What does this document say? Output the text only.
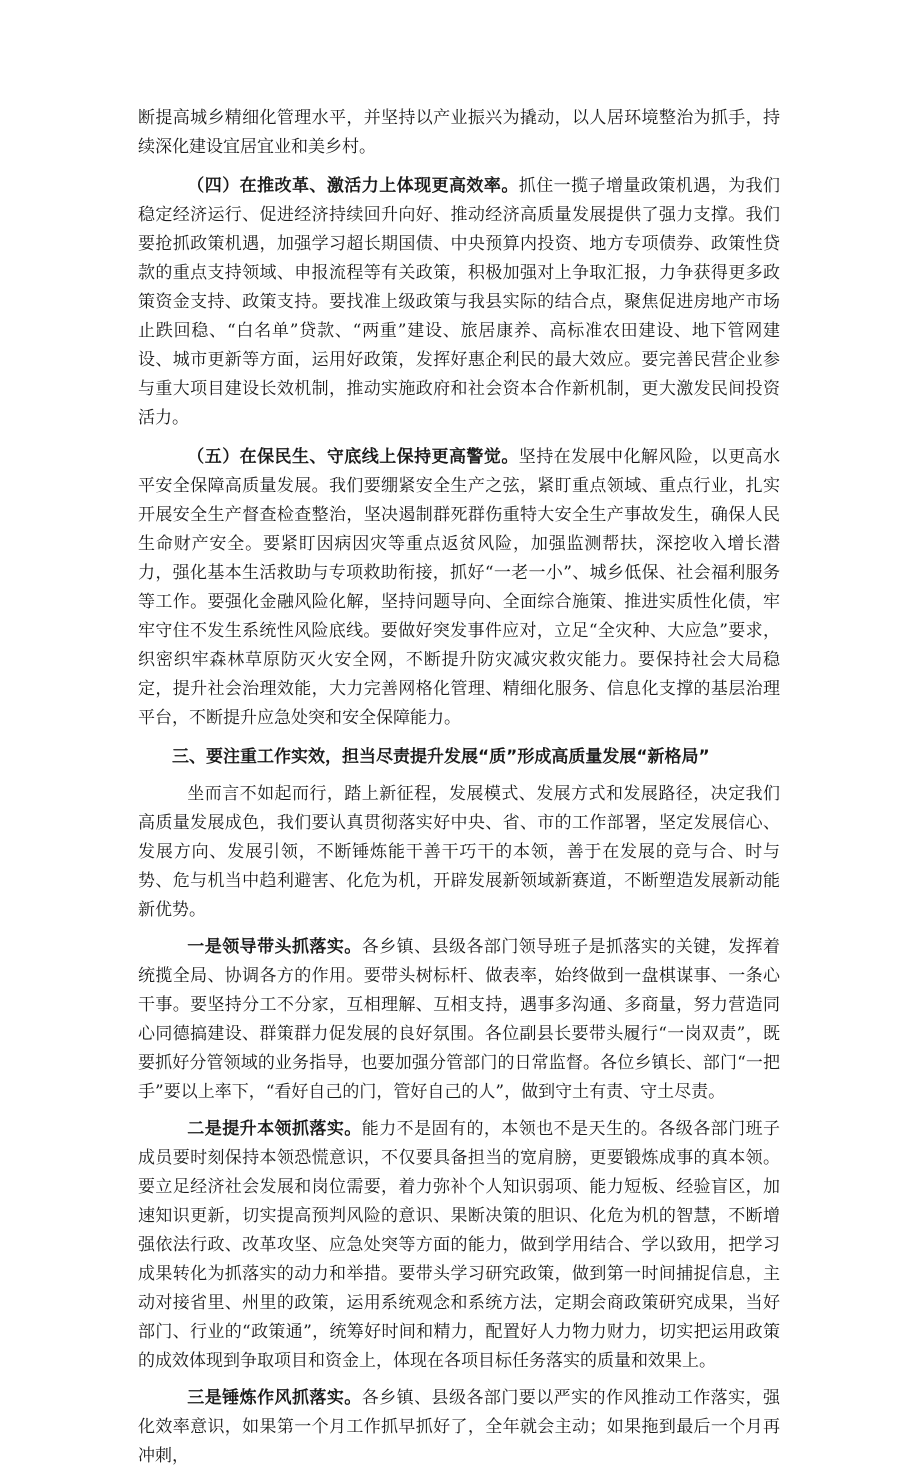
断提高城乡精细化管理水平，并坚持以产业振兴为撬动，以人居环境整治为抓手，持续深化建设宜居宜业和美乡村。

（四）在推改革、激活力上体现更高效率。抓住一揽子增量政策机遇，为我们稳定经济运行、促进经济持续回升向好、推动经济高质量发展提供了强力支撑。我们要抢抓政策机遇，加强学习超长期国债、中央预算内投资、地方专项债券、政策性贷款的重点支持领域、申报流程等有关政策，积极加强对上争取汇报，力争获得更多政策资金支持、政策支持。要找准上级政策与我县实际的结合点，聚焦促进房地产市场止跌回稳、“白名单”贷款、“两重”建设、旅居康养、高标准农田建设、地下管网建设、城市更新等方面，运用好政策，发挥好惠企利民的最大效应。要完善民营企业参与重大项目建设长效机制，推动实施政府和社会资本合作新机制，更大激发民间投资活力。

（五）在保民生、守底线上保持更高警觉。坚持在发展中化解风险，以更高水平安全保障高质量发展。我们要绷紧安全生产之弦，紧盯重点领域、重点行业，扎实开展安全生产督查检查整治，坚决遏制群死群伤重特大安全生产事故发生，确保人民生命财产安全。要紧盯因病因灾等重点返贫风险，加强监测帮扶，深挖收入增长潜力，强化基本生活救助与专项救助衔接，抓好“一老一小”、城乡低保、社会福利服务等工作。要强化金融风险化解，坚持问题导向、全面综合施策、推进实质性化债，牢牢守住不发生系统性风险底线。要做好突发事件应对，立足“全灾种、大应急”要求，织密织牢森林草原防灭火安全网，不断提升防灾减灾救灾能力。要保持社会大局稳定，提升社会治理效能，大力完善网格化管理、精细化服务、信息化支撑的基层治理平台，不断提升应急处突和安全保障能力。

三、要注重工作实效，担当尽责提升发展“质”形成高质量发展“新格局”

坐而言不如起而行，踏上新征程，发展模式、发展方式和发展路径，决定我们高质量发展成色，我们要认真贯彻落实好中央、省、市的工作部署，坚定发展信心、发展方向、发展引领，不断锤炼能干善干巧干的本领，善于在发展的竞与合、时与势、危与机当中趋利避害、化危为机，开辟发展新领域新赛道，不断塑造发展新动能新优势。

一是领导带头抓落实。各乡镇、县级各部门领导班子是抓落实的关键，发挥着统揽全局、协调各方的作用。要带头树标杆、做表率，始终做到一盘棋谋事、一条心干事。要坚持分工不分家，互相理解、互相支持，遇事多沟通、多商量，努力营造同心同德搞建设、群策群力促发展的良好氛围。各位副县长要带头履行“一岗双责”，既要抓好分管领域的业务指导，也要加强分管部门的日常监督。各位乡镇长、部门“一把手”要以上率下，“看好自己的门，管好自己的人”，做到守土有责、守土尽责。

二是提升本领抓落实。能力不是固有的，本领也不是天生的。各级各部门班子成员要时刻保持本领恐慌意识，不仅要具备担当的宽肩膀，更要锻炼成事的真本领。要立足经济社会发展和岗位需要，着力弥补个人知识弱项、能力短板、经验盲区，加速知识更新，切实提高预判风险的意识、果断决策的胆识、化危为机的智慧，不断增强依法行政、改革攻坚、应急处突等方面的能力，做到学用结合、学以致用，把学习成果转化为抓落实的动力和举措。要带头学习研究政策，做到第一时间捕捉信息，主动对接省里、州里的政策，运用系统观念和系统方法，定期会商政策研究成果，当好部门、行业的“政策通”，统筹好时间和精力，配置好人力物力财力，切实把运用政策的成效体现到争取项目和资金上，体现在各项目标任务落实的质量和效果上。

三是锤炼作风抓落实。各乡镇、县级各部门要以严实的作风推动工作落实，强化效率意识，如果第一个月工作抓早抓好了，全年就会主动；如果拖到最后一个月再冲刺，
